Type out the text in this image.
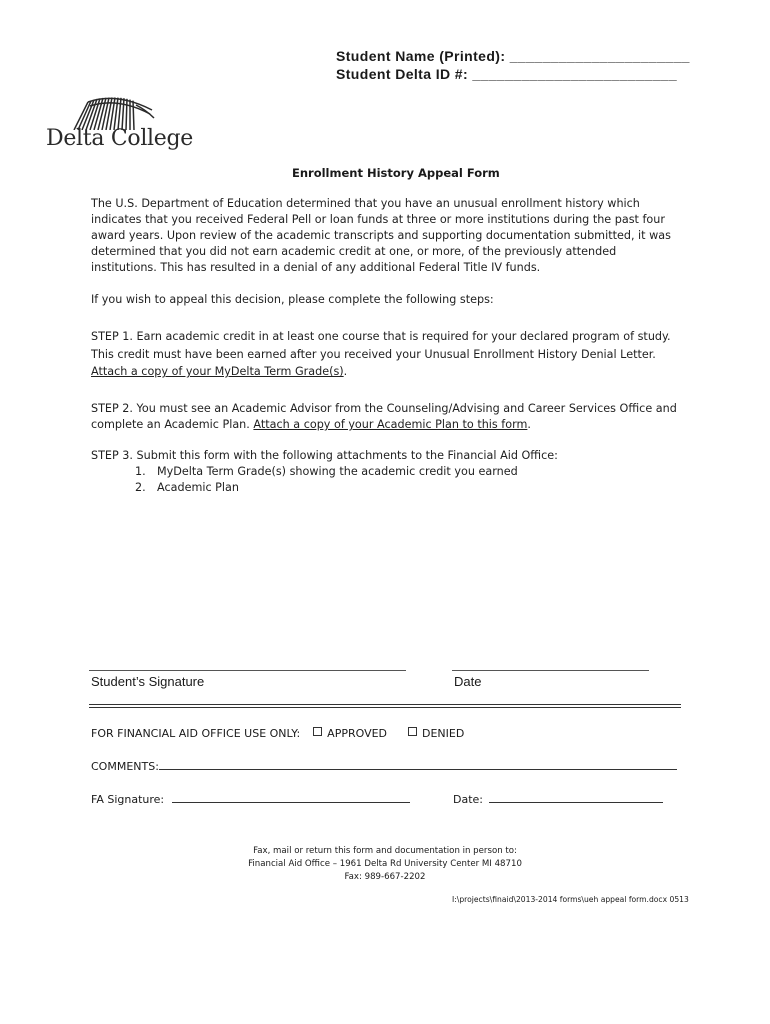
Student Name (Printed): ______________________
Student Delta ID #: _________________________
Delta College
Enrollment History Appeal Form
The U.S. Department of Education determined that you have an unusual enrollment history which indicates that you received Federal Pell or loan funds at three or more institutions during the past four award years. Upon review of the academic transcripts and supporting documentation submitted, it was determined that you did not earn academic credit at one, or more, of the previously attended institutions. This has resulted in a denial of any additional Federal Title IV funds.
If you wish to appeal this decision, please complete the following steps:
STEP 1. Earn academic credit in at least one course that is required for your declared program of study. This credit must have been earned after you received your Unusual Enrollment History Denial Letter. Attach a copy of your MyDelta Term Grade(s).
STEP 2. You must see an Academic Advisor from the Counseling/Advising and Career Services Office and complete an Academic Plan. Attach a copy of your Academic Plan to this form.
STEP 3. Submit this form with the following attachments to the Financial Aid Office:
1. MyDelta Term Grade(s) showing the academic credit you earned
2. Academic Plan
Student’s Signature	Date
FOR FINANCIAL AID OFFICE USE ONLY: APPROVED	DENIED
COMMENTS:
FA Signature:	Date:
Fax, mail or return this form and documentation in person to:
Financial Aid Office – 1961 Delta Rd University Center MI 48710
Fax: 989-667-2202
I:\projects\finaid\2013-2014 forms\ueh appeal form.docx 0513
